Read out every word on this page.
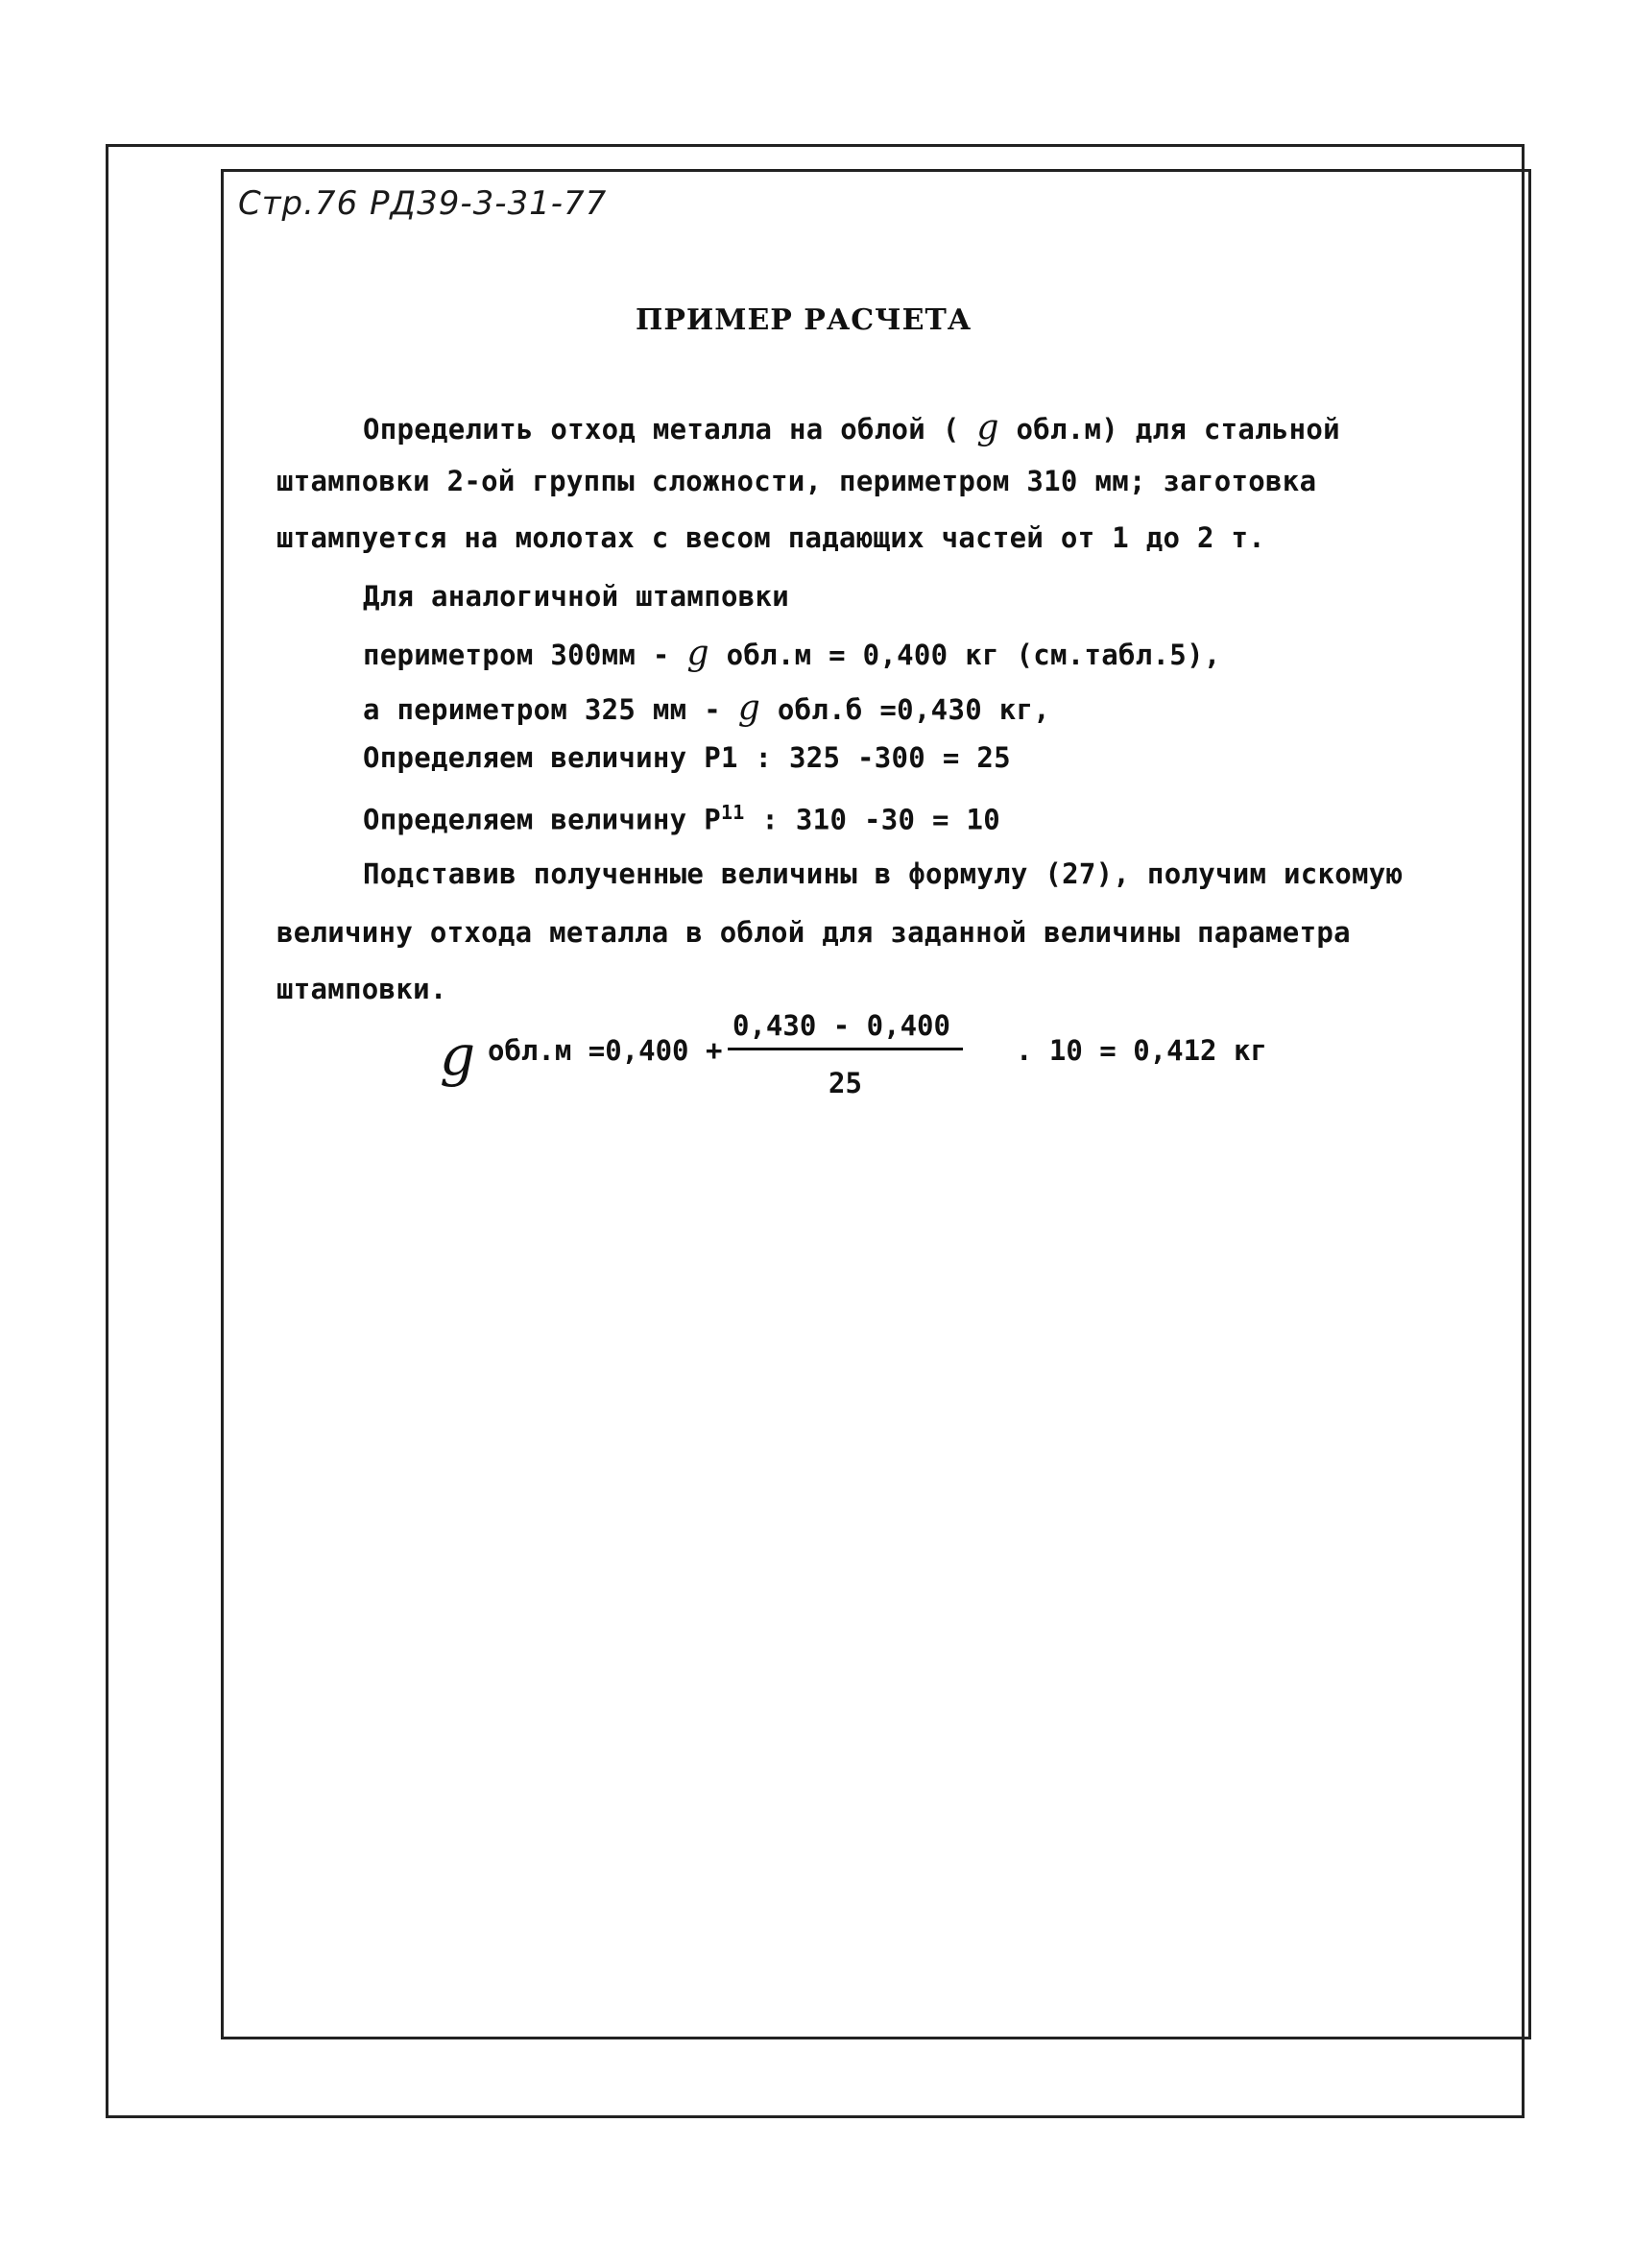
Стр.76 РД39-3-31-77
ПРИМЕР РАСЧЕТА
Определить отход металла на облой ( g обл.м) для стальной
штамповки 2-ой группы сложности, периметром 310 мм; заготовка
штампуется на молотах с весом падающих частей от 1 до 2 т.
Для аналогичной штамповки
периметром 300мм - g обл.м = 0,400 кг (см.табл.5),
а периметром 325 мм - g обл.б =0,430 кг,
Определяем величину Р1 : 325 -300 = 25
Определяем величину $Р^{11}$ : 310 -30 = 10
Подставив полученные величины в формулу (27), получим искомую
величину отхода металла в облой для заданной величины параметра
штамповки.
g обл.м =0,400 +
0,430 - 0,400
25
. 10 = 0,412 кг
